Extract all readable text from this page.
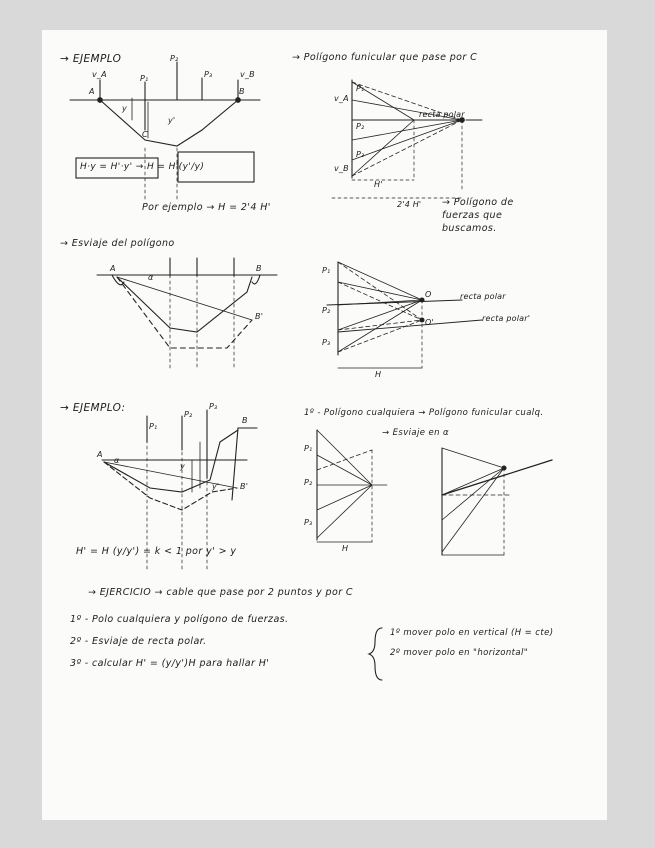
→ EJEMPLO
v_A	v_B
P₁
P₂
P₃
A	B
y
y'
C
H·y = H'·y' → H = H'(y'/y)
Por ejemplo → H = 2'4 H'
→ Polígono funicular que pase por C
v_A
v_B
P₁
P₂
P₃
H'
recta polar
2'4 H' → Polígono de fuerzas que buscamos.
→ Esviaje del polígono
A	B
B'
α
P₁
P₂
P₃
O
O'
recta polar
recta polar'
H
→ EJEMPLO:
A
B
B'
α
y
y'
P₁
P₂
P₃
H' = H (y/y') = k < 1 por y' > y
1º - Polígono cualquiera → Polígono funicular cualq.
→ Esviaje en α
P₁
P₂
P₃
H
→ EJERCICIO → cable que pase por 2 puntos y por C
1º - Polo cualquiera y polígono de fuerzas.
2º - Esviaje de recta polar.
3º - calcular H' = (y/y')H para hallar H'
1º mover polo en vertical (H = cte)
2º mover polo en "horizontal"
